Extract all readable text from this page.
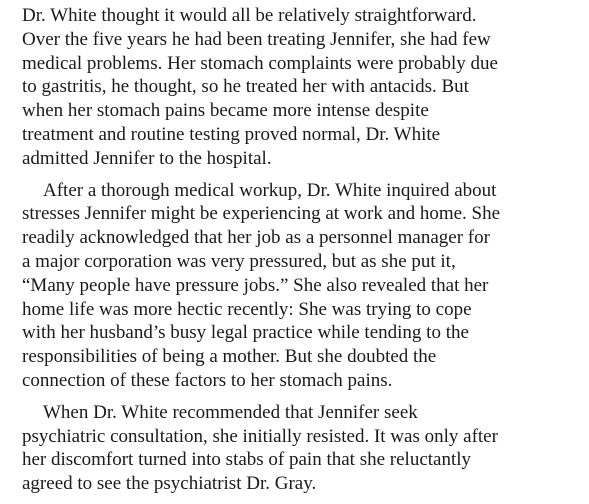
Dr. White thought it would all be relatively straightforward.
Over the five years he had been treating Jennifer, she had few
medical problems. Her stomach complaints were probably due
to gastritis, he thought, so he treated her with antacids. But
when her stomach pains became more intense despite
treatment and routine testing proved normal, Dr. White
admitted Jennifer to the hospital.

After a thorough medical workup, Dr. White inquired about
stresses Jennifer might be experiencing at work and home. She
readily acknowledged that her job as a personnel manager for
a major corporation was very pressured, but as she put it,
“Many people have pressure jobs.” She also revealed that her
home life was more hectic recently: She was trying to cope
with her husband’s busy legal practice while tending to the
responsibilities of being a mother. But she doubted the
connection of these factors to her stomach pains.

When Dr. White recommended that Jennifer seek
psychiatric consultation, she initially resisted. It was only after
her discomfort turned into stabs of pain that she reluctantly
agreed to see the psychiatrist Dr. Gray.
